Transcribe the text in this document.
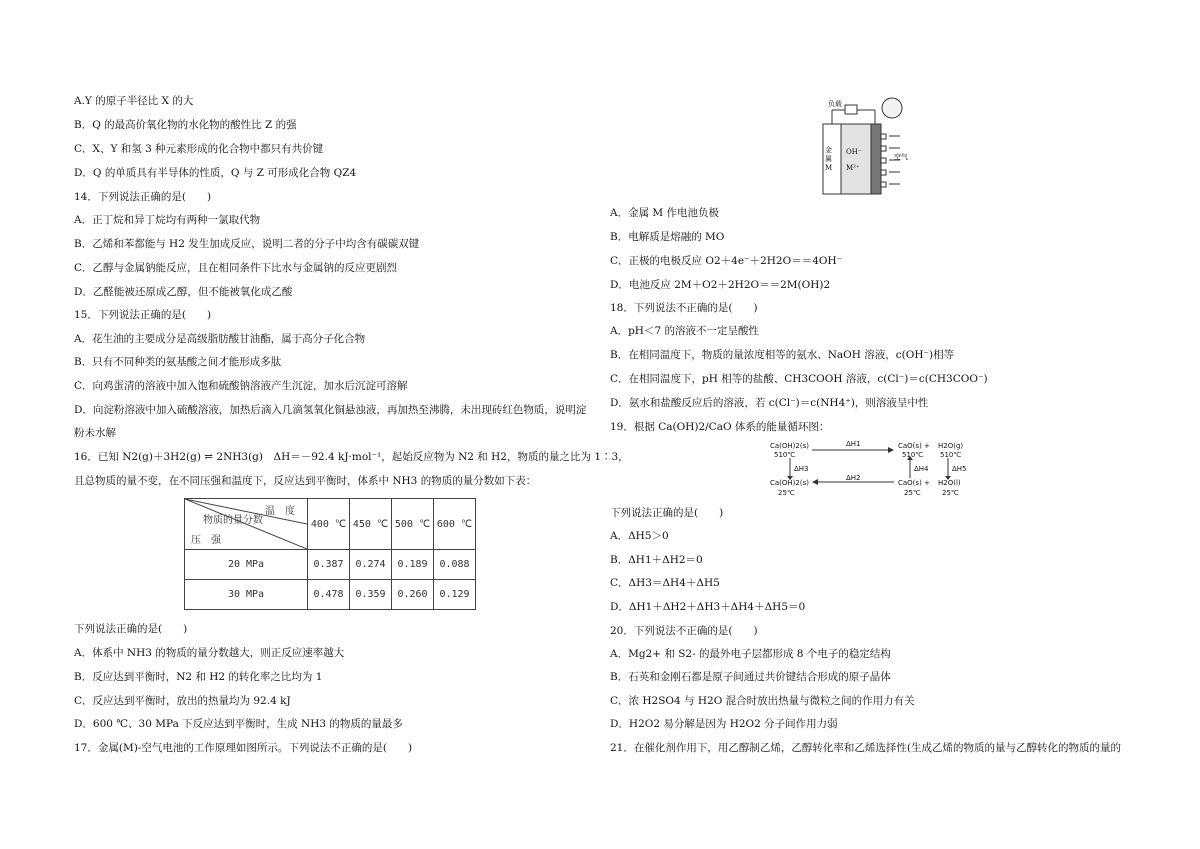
A.Y 的原子半径比 X 的大
B．Q 的最高价氧化物的水化物的酸性比 Z 的强
C．X、Y 和氢 3 种元素形成的化合物中都只有共价键
D．Q 的单质具有半导体的性质，Q 与 Z 可形成化合物 QZ4
14．下列说法正确的是(　　)
A．正丁烷和异丁烷均有两种一氯取代物
B．乙烯和苯都能与 H2 发生加成反应，说明二者的分子中均含有碳碳双键
C．乙醇与金属钠能反应，且在相同条件下比水与金属钠的反应更剧烈
D．乙醛能被还原成乙醇，但不能被氧化成乙酸
15．下列说法正确的是(　　)
A．花生油的主要成分是高级脂肪酸甘油酯，属于高分子化合物
B．只有不同种类的氨基酸之间才能形成多肽
C．向鸡蛋清的溶液中加入饱和硫酸钠溶液产生沉淀，加水后沉淀可溶解
D．向淀粉溶液中加入硫酸溶液，加热后滴入几滴氢氧化铜悬浊液，再加热至沸腾，未出现砖红色物质，说明淀
粉未水解
16．已知 N2(g)＋3H2(g) ⇌ 2NH3(g)　ΔH＝－92.4 kJ·mol⁻¹，起始反应物为 N2 和 H2，物质的量之比为 1∶3，
且总物质的量不变，在不同压强和温度下，反应达到平衡时，体系中 NH3 的物质的量分数如下表：
温　度
物质的量分数
压　强	400 ℃	450 ℃	500 ℃	600 ℃
20 MPa	0.387	0.274	0.189	0.088
30 MPa	0.478	0.359	0.260	0.129
下列说法正确的是(　　)
A．体系中 NH3 的物质的量分数越大，则正反应速率越大
B．反应达到平衡时，N2 和 H2 的转化率之比均为 1
C．反应达到平衡时，放出的热量均为 92.4 kJ
D．600 ℃、30 MPa 下反应达到平衡时，生成 NH3 的物质的量最多
17．金属(M)-空气电池的工作原理如图所示。下列说法不正确的是(　　)
负载
金属M
OH⁻
M²⁺
空气
A．金属 M 作电池负极
B．电解质是熔融的 MO
C．正极的电极反应 O2＋4e⁻＋2H2O＝＝4OH⁻
D．电池反应 2M＋O2＋2H2O＝＝2M(OH)2
18．下列说法不正确的是(　　)
A．pH＜7 的溶液不一定呈酸性
B．在相同温度下，物质的量浓度相等的氨水、NaOH 溶液，c(OH⁻)相等
C．在相同温度下，pH 相等的盐酸、CH3COOH 溶液，c(Cl⁻)＝c(CH3COO⁻)
D．氨水和盐酸反应后的溶液，若 c(Cl⁻)＝c(NH4⁺)，则溶液呈中性
19．根据 Ca(OH)2/CaO 体系的能量循环图：
下列说法正确的是(　　)
A．ΔH5＞0
B．ΔH1＋ΔH2＝0
C．ΔH3＝ΔH4＋ΔH5
D．ΔH1＋ΔH2＋ΔH3＋ΔH4＋ΔH5＝0
20．下列说法不正确的是(　　)
A．Mg2+ 和 S2- 的最外电子层都形成 8 个电子的稳定结构
B．石英和金刚石都是原子间通过共价键结合形成的原子晶体
C．浓 H2SO4 与 H2O 混合时放出热量与微粒之间的作用力有关
D．H2O2 易分解是因为 H2O2 分子间作用力弱
21．在催化剂作用下，用乙醇制乙烯，乙醇转化率和乙烯选择性(生成乙烯的物质的量与乙醇转化的物质的量的
Ca(OH)2(s)
510℃
CaO(s) +
510℃
H2O(g)
510℃
Ca(OH)2(s)
25℃
CaO(s) +
25℃
H2O(l)
25℃
ΔH1
ΔH2
ΔH3	ΔH4	ΔH5
